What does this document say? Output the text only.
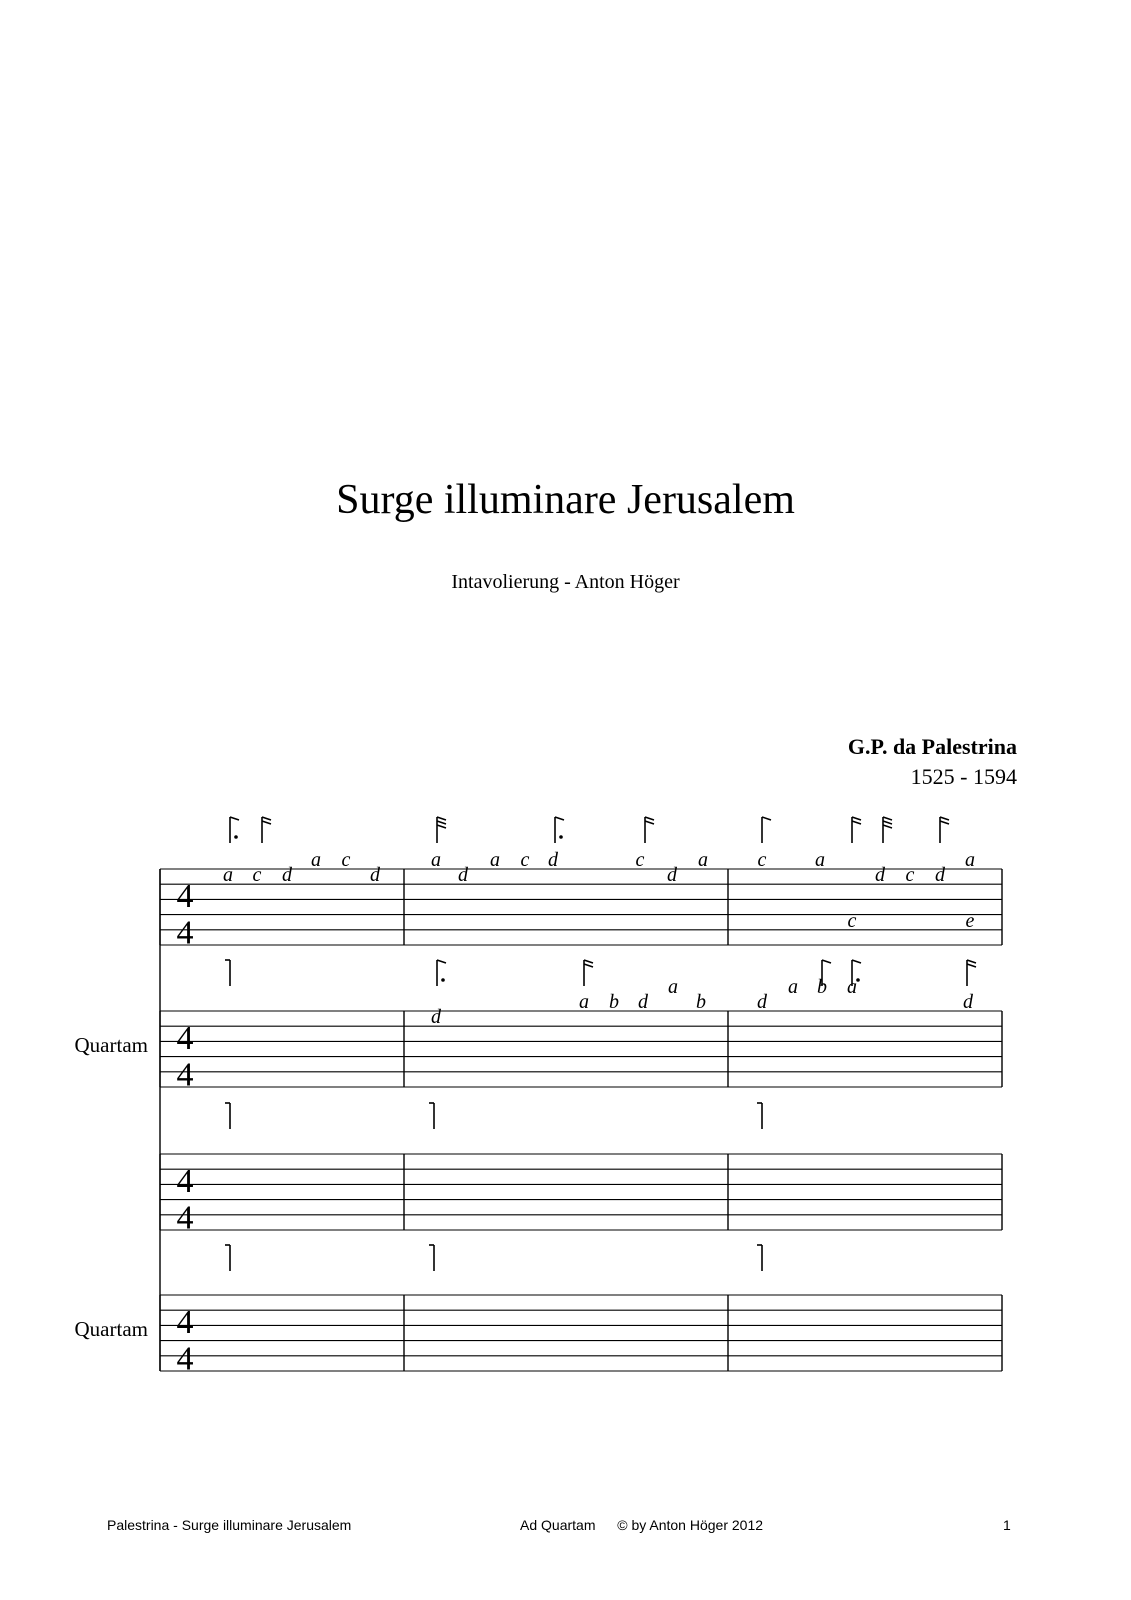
Surge illuminare Jerusalem
Intavolierung - Anton Höger
G.P. da Palestrina
1525 - 1594
4
4
a c d
a c
d
a
d
a c d	c
d
a c a
d c d
a
c	e
4
4
Quartam
d
a b d
a
b	d
a b a
d
4
4
4
4
Quartam
Palestrina - Surge illuminare Jerusalem	Ad Quartam © by Anton Höger 2012	1
